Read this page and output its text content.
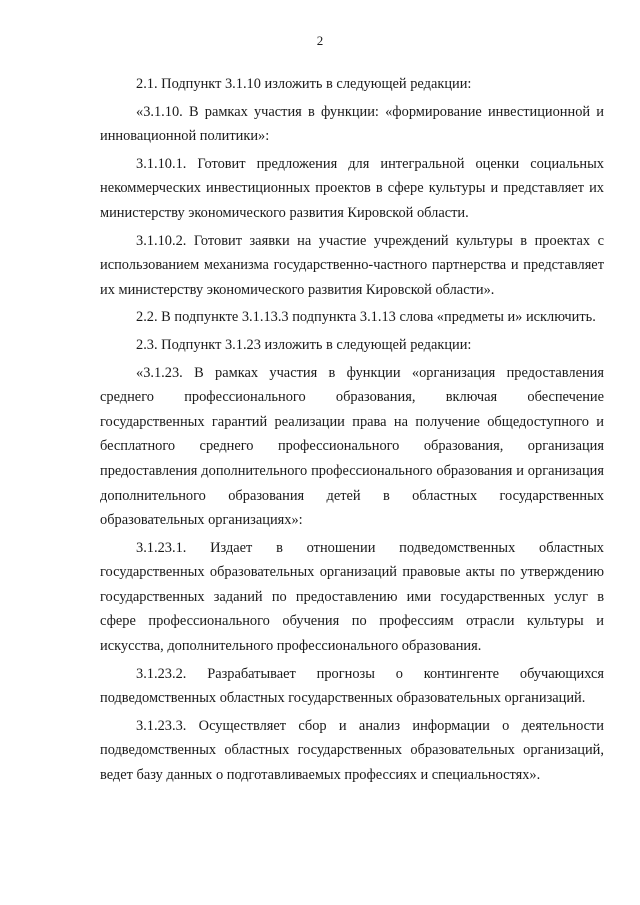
2

2.1. Подпункт 3.1.10 изложить в следующей редакции:

«3.1.10. В рамках участия в функции: «формирование инвестиционной и инновационной политики»:

3.1.10.1. Готовит предложения для интегральной оценки социальных некоммерческих инвестиционных проектов в сфере культуры и представляет их министерству экономического развития Кировской области.

3.1.10.2. Готовит заявки на участие учреждений культуры в проектах с использованием механизма государственно-частного партнерства и представляет их министерству экономического развития Кировской области».

2.2. В подпункте 3.1.13.3 подпункта 3.1.13 слова «предметы и» исключить.

2.3. Подпункт 3.1.23 изложить в следующей редакции:

«3.1.23. В рамках участия в функции «организация предоставления среднего профессионального образования, включая обеспечение государственных гарантий реализации права на получение общедоступного и бесплатного среднего профессионального образования, организация предоставления дополнительного профессионального образования и организация дополнительного образования детей в областных государственных образовательных организациях»:

3.1.23.1. Издает в отношении подведомственных областных государственных образовательных организаций правовые акты по утверждению государственных заданий по предоставлению ими государственных услуг в сфере профессионального обучения по профессиям отрасли культуры и искусства, дополнительного профессионального образования.

3.1.23.2. Разрабатывает прогнозы о контингенте обучающихся подведомственных областных государственных образовательных организаций.

3.1.23.3. Осуществляет сбор и анализ информации о деятельности подведомственных областных государственных образовательных организаций, ведет базу данных о подготавливаемых профессиях и специальностях».
